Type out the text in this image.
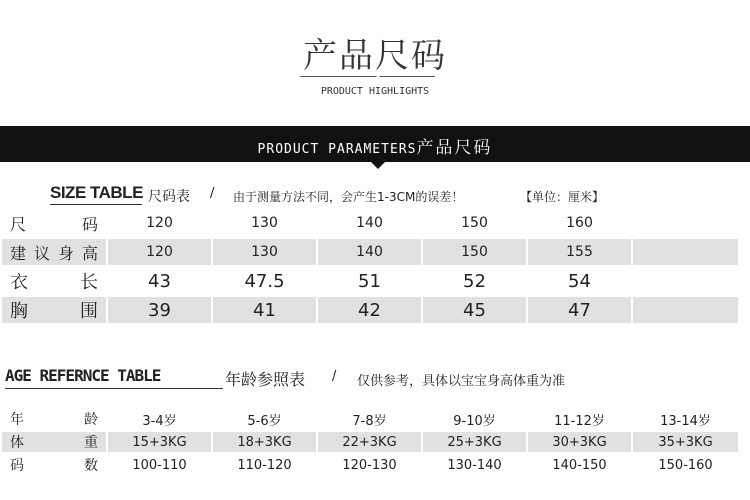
产品尺码
PRODUCT HIGHLIGHTS
PRODUCT PARAMETERS产品尺码
SIZE TABLE 尺码表 / 由于测量方法不同，会产生1-3CM的误差！	【单位：厘米】
尺 码	120	130	140	150	160	

建 议 身 高	120	130	140	150	155	

衣 长	43	47.5	51	52	54	

胸 围	39	41	42	45	47	
AGE REFERNCE TABLE	年龄参照表 / 仅供参考，具体以宝宝身高体重为准
年 龄	3-4岁	5-6岁	7-8岁	9-10岁	11-12岁	13-14岁

体 重	15+3KG	18+3KG	22+3KG	25+3KG	30+3KG	35+3KG

码 数	100-110	110-120	120-130	130-140	140-150	150-160
